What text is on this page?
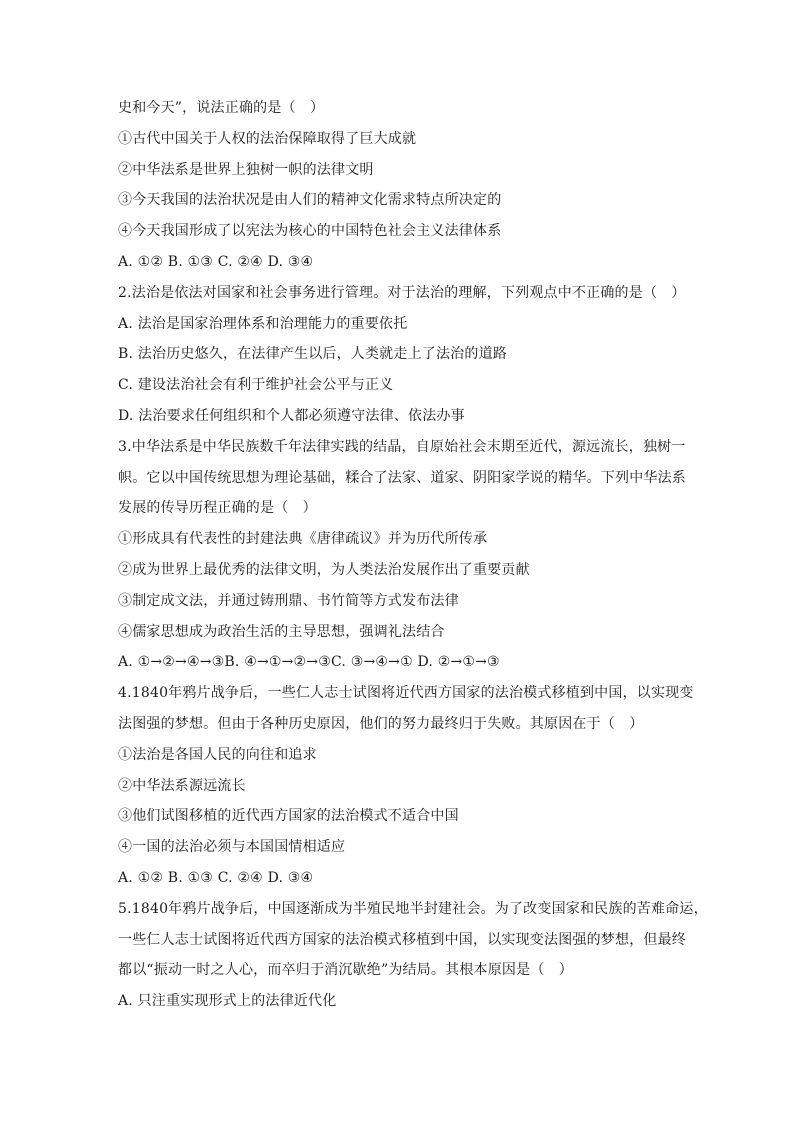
史和今天”，说法正确的是（　）
①古代中国关于人权的法治保障取得了巨大成就
②中华法系是世界上独树一帜的法律文明
③今天我国的法治状况是由人们的精神文化需求特点所决定的
④今天我国形成了以宪法为核心的中国特色社会主义法律体系
A. ①② B. ①③ C. ②④ D. ③④
2.法治是依法对国家和社会事务进行管理。对于法治的理解，下列观点中不正确的是（　）
A. 法治是国家治理体系和治理能力的重要依托
B. 法治历史悠久，在法律产生以后，人类就走上了法治的道路
C. 建设法治社会有利于维护社会公平与正义
D. 法治要求任何组织和个人都必须遵守法律、依法办事
3.中华法系是中华民族数千年法律实践的结晶，自原始社会末期至近代，源远流长，独树一
帜。它以中国传统思想为理论基础，糅合了法家、道家、阴阳家学说的精华。下列中华法系
发展的传导历程正确的是（　）
①形成具有代表性的封建法典《唐律疏议》并为历代所传承
②成为世界上最优秀的法律文明，为人类法治发展作出了重要贡献
③制定成文法，并通过铸刑鼎、书竹简等方式发布法律
④儒家思想成为政治生活的主导思想，强调礼法结合
A. ①→②→④→③B. ④→①→②→③C. ③→④→① D. ②→①→③
4.1840年鸦片战争后，一些仁人志士试图将近代西方国家的法治模式移植到中国，以实现变
法图强的梦想。但由于各种历史原因，他们的努力最终归于失败。其原因在于（　）
①法治是各国人民的向往和追求
②中华法系源远流长
③他们试图移植的近代西方国家的法治模式不适合中国
④一国的法治必须与本国国情相适应
A. ①② B. ①③ C. ②④ D. ③④
5.1840年鸦片战争后，中国逐渐成为半殖民地半封建社会。为了改变国家和民族的苦难命运，
一些仁人志士试图将近代西方国家的法治模式移植到中国，以实现变法图强的梦想，但最终
都以“振动一时之人心，而卒归于消沉歇绝”为结局。其根本原因是（　）
A. 只注重实现形式上的法律近代化
